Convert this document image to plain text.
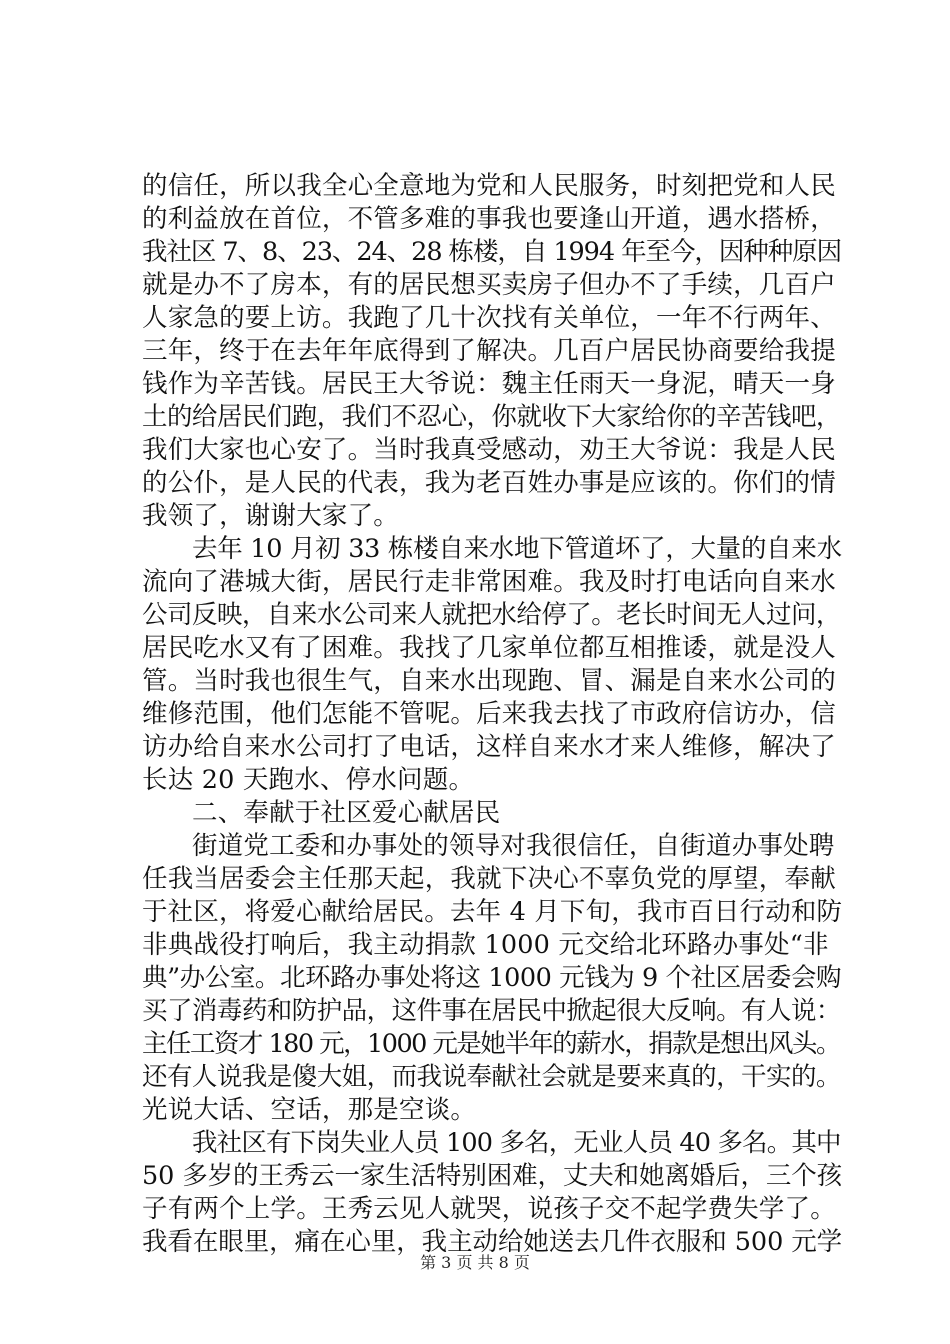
的信任，所以我全心全意地为党和人民服务，时刻把党和人民
的利益放在首位，不管多难的事我也要逢山开道，遇水搭桥，
我社区 7、8、23、24、28 栋楼，自 1994 年至今，因种种原因
就是办不了房本，有的居民想买卖房子但办不了手续，几百户
人家急的要上访。我跑了几十次找有关单位，一年不行两年、
三年，终于在去年年底得到了解决。几百户居民协商要给我提
钱作为辛苦钱。居民王大爷说：魏主任雨天一身泥，晴天一身
土的给居民们跑，我们不忍心，你就收下大家给你的辛苦钱吧，
我们大家也心安了。当时我真受感动，劝王大爷说：我是人民
的公仆，是人民的代表，我为老百姓办事是应该的。你们的情
我领了，谢谢大家了。
去年 10 月初 33 栋楼自来水地下管道坏了，大量的自来水
流向了港城大街，居民行走非常困难。我及时打电话向自来水
公司反映，自来水公司来人就把水给停了。老长时间无人过问，
居民吃水又有了困难。我找了几家单位都互相推诿，就是没人
管。当时我也很生气，自来水出现跑、冒、漏是自来水公司的
维修范围，他们怎能不管呢。后来我去找了市政府信访办，信
访办给自来水公司打了电话，这样自来水才来人维修，解决了
长达 20 天跑水、停水问题。
二、奉献于社区爱心献居民
街道党工委和办事处的领导对我很信任，自街道办事处聘
任我当居委会主任那天起，我就下决心不辜负党的厚望，奉献
于社区，将爱心献给居民。去年 4 月下旬，我市百日行动和防
非典战役打响后，我主动捐款 1000 元交给北环路办事处“非
典”办公室。北环路办事处将这 1000 元钱为 9 个社区居委会购
买了消毒药和防护品，这件事在居民中掀起很大反响。有人说：
主任工资才 180 元，1000 元是她半年的薪水，捐款是想出风头。
还有人说我是傻大姐，而我说奉献社会就是要来真的，干实的。
光说大话、空话，那是空谈。
我社区有下岗失业人员 100 多名，无业人员 40 多名。其中
50 多岁的王秀云一家生活特别困难，丈夫和她离婚后，三个孩
子有两个上学。王秀云见人就哭，说孩子交不起学费失学了。
我看在眼里，痛在心里，我主动给她送去几件衣服和 500 元学
第 3 页 共 8 页
